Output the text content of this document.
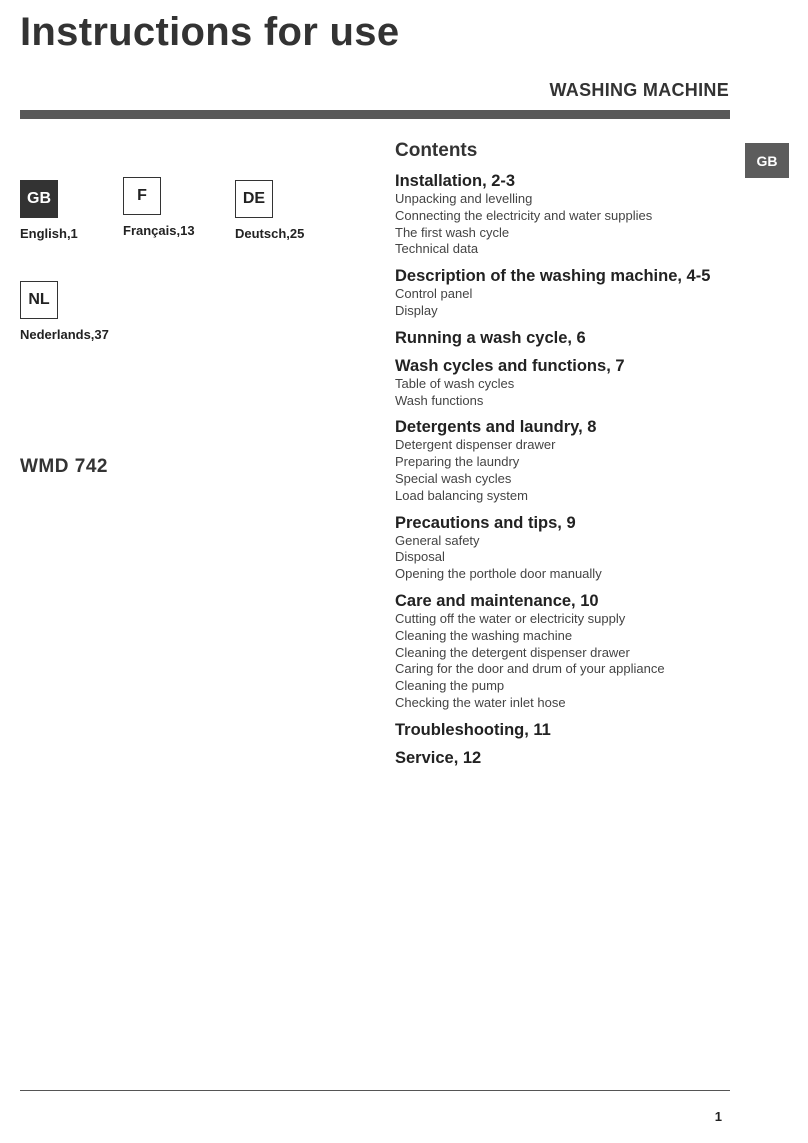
Instructions for use
WASHING MACHINE
GB
GB
English,1
F
Français,13
DE
Deutsch,25
NL
Nederlands,37
WMD 742
Contents
Installation, 2-3
Unpacking and levelling
Connecting the electricity and water supplies
The first wash cycle
Technical data
Description of the washing machine, 4-5
Control panel
Display
Running a wash cycle, 6
Wash cycles and functions, 7
Table of wash cycles
Wash functions
Detergents and laundry, 8
Detergent dispenser drawer
Preparing the laundry
Special wash cycles
Load balancing system
Precautions and tips, 9
General safety
Disposal
Opening the porthole door manually
Care and maintenance, 10
Cutting off the water or electricity supply
Cleaning the washing machine
Cleaning the detergent dispenser drawer
Caring for the door and drum of your appliance
Cleaning the pump
Checking the water inlet hose
Troubleshooting, 11
Service, 12
1
